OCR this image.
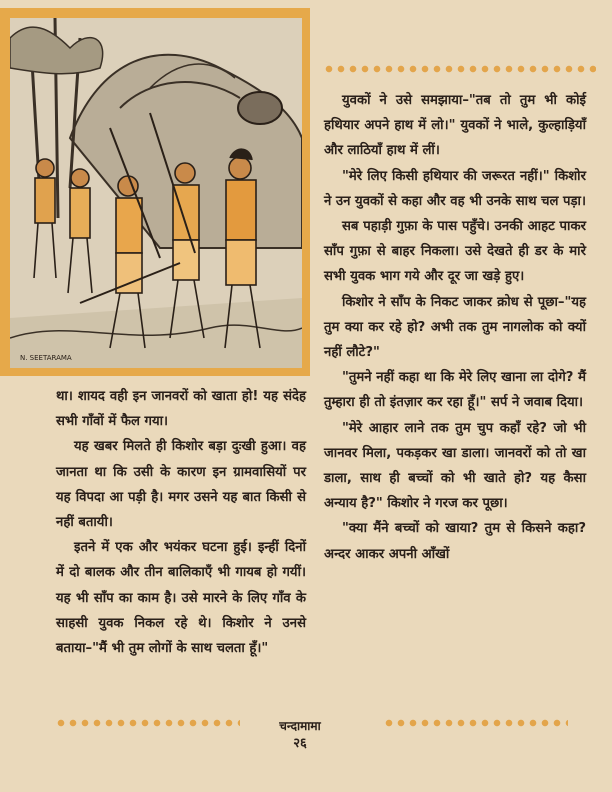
N. SEETARAMA

युवकों ने उसे समझाया–"तब तो तुम भी कोई हथियार अपने हाथ में लो।" युवकों ने भाले, कुल्हाड़ियाँ और लाठियाँ हाथ में लीं।

"मेरे लिए किसी हथियार की जरूरत नहीं।" किशोर ने उन युवकों से कहा और वह भी उनके साथ चल पड़ा।

सब पहाड़ी गुफ़ा के पास पहुँचे। उनकी आहट पाकर साँप गुफ़ा से बाहर निकला। उसे देखते ही डर के मारे सभी युवक भाग गये और दूर जा खड़े हुए।

किशोर ने साँप के निकट जाकर क्रोध से पूछा–"यह तुम क्या कर रहे हो? अभी तक तुम नागलोक को क्यों नहीं लौटे?"

"तुमने नहीं कहा था कि मेरे लिए खाना ला दोगे? मैं तुम्हारा ही तो इंतज़ार कर रहा हूँ।" सर्प ने जवाब दिया।

"मेरे आहार लाने तक तुम चुप कहाँ रहे? जो भी जानवर मिला, पकड़कर खा डाला। जानवरों को तो खा डाला, साथ ही बच्चों को भी खाते हो? यह कैसा अन्याय है?" किशोर ने गरज कर पूछा।

"क्या मैंने बच्चों को खाया? तुम से किसने कहा? अन्दर आकर अपनी आँखों

था। शायद वही इन जानवरों को खाता हो! यह संदेह सभी गाँवों में फैल गया।

यह खबर मिलते ही किशोर बड़ा दुःखी हुआ। वह जानता था कि उसी के कारण इन ग्रामवासियों पर यह विपदा आ पड़ी है। मगर उसने यह बात किसी से नहीं बतायी।

इतने में एक और भयंकर घटना हुई। इन्हीं दिनों में दो बालक और तीन बालिकाएँ भी गायब हो गयीं। यह भी साँप का काम है। उसे मारने के लिए गाँव के साहसी युवक निकल रहे थे। किशोर ने उनसे बताया–"मैं भी तुम लोगों के साथ चलता हूँ।"

चन्दामामा
२६
